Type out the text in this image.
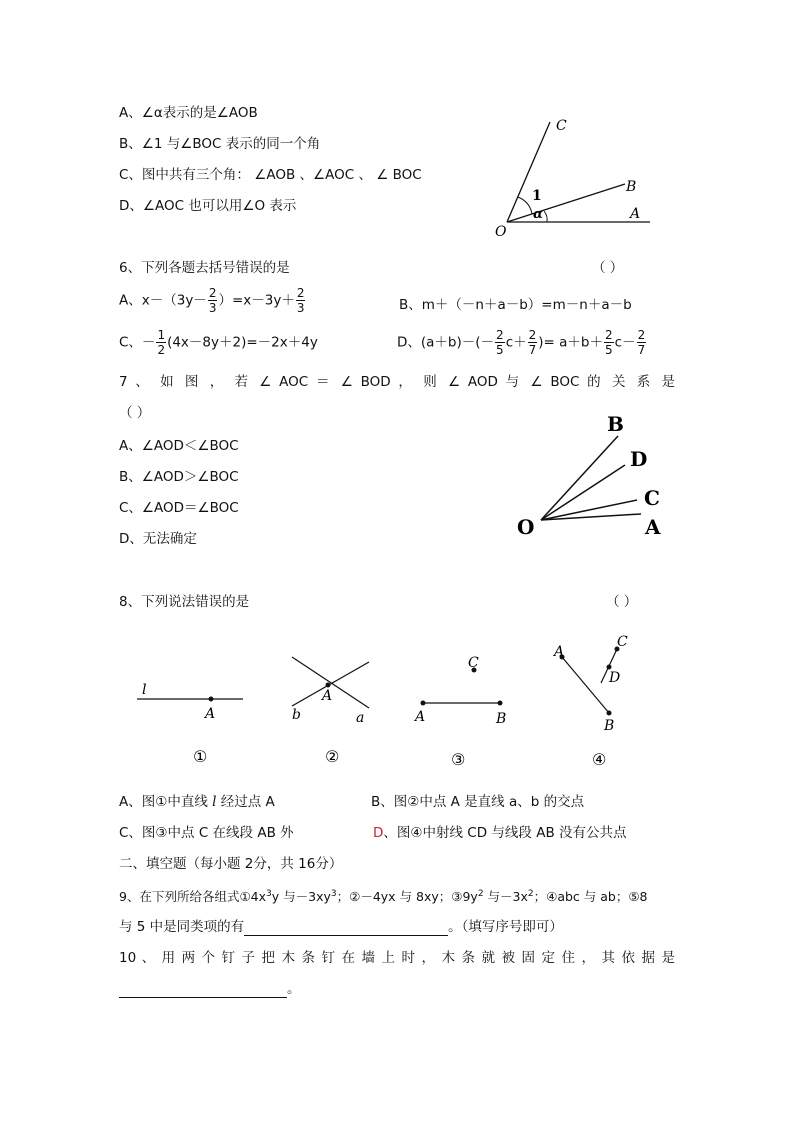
A、∠α表示的是∠AOB
B、∠1 与∠BOC 表示的同一个角
C、图中共有三个角： ∠AOB 、∠AOC 、 ∠ BOC
D、∠AOC 也可以用∠O 表示
C
B
A
O
1
α
6、下列各题去括号错误的是	（ ）
A、$x-(3y- \frac{2}{3} )=x-3y+ \frac{2}{3}$	B、m＋（－n＋a－b）=m－n＋a－b
C、－ $\frac{1}{2} (4x-8y+2)=-2x+4y$	D、$(a+b)-(- \frac{2}{5} c+ \frac{2}{7}$ )= $a+b+ \frac{2}{5} c- \frac{2}{7}$
7 、 如 图 ， 若 ∠ AOC ＝ ∠ BOD ， 则 ∠ AOD 与 ∠ BOC 的 关 系 是
（ ）
A、∠AOD＜∠BOC
B、∠AOD＞∠BOC
C、∠AOD＝∠BOC
D、无法确定
B
D
C
O	A
8、下列说法错误的是	（ ）
l
A
①
A
b	a
②
C
A	B
③
A
C
D
B
④
A、图①中直线 l 经过点 A	B、图②中点 A 是直线 a、b 的交点
C、图③中点 C 在线段 AB 外	D、图④中射线 CD 与线段 AB 没有公共点
二、填空题（每小题 2分，共 16分）
9、在下列所给各组式$①4x^3y$ 与$-3xy^3$；②－4yx 与 8xy；$③9y^2$ 与$-3x^2$；④abc 与 ab；⑤8
与 5 中是同类项的有	。（填写序号即可）
10 、 用 两 个 钉 子 把 木 条 钉 在 墙 上 时 ， 木 条 就 被 固 定 住 ， 其 依 据 是
。
